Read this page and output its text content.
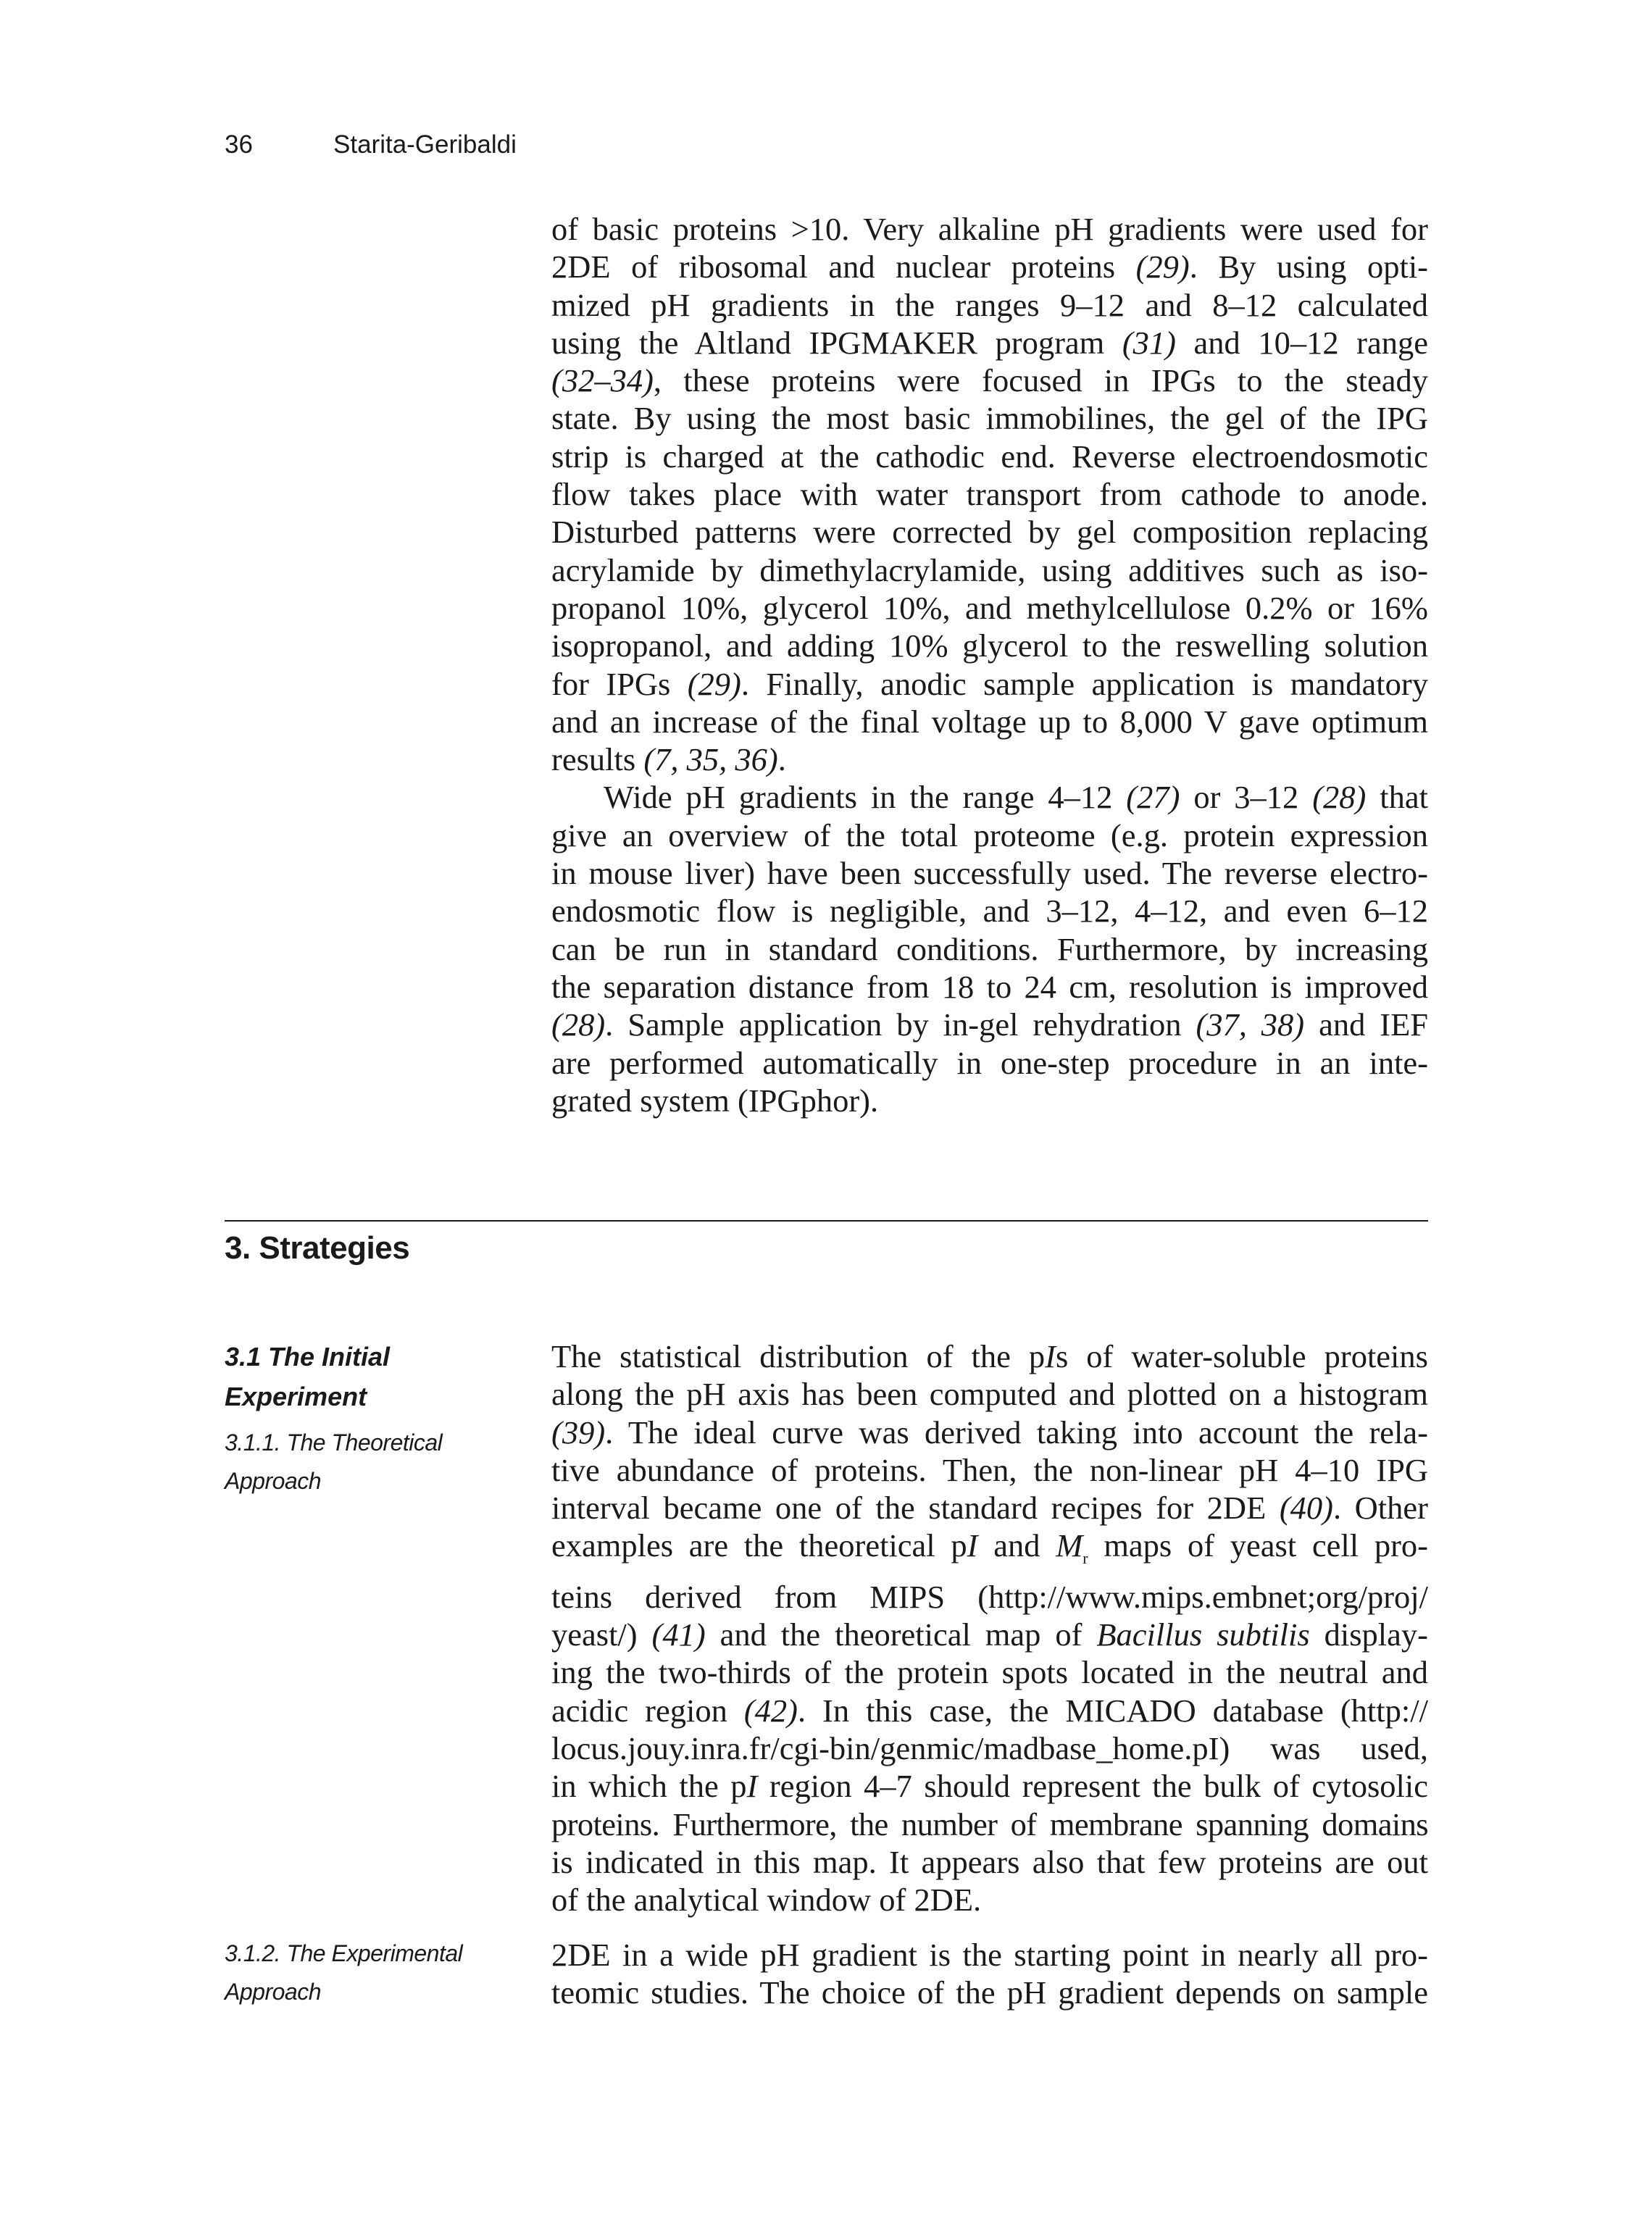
36	Starita-Geribaldi

of basic proteins >10. Very alkaline pH gradients were used for

2DE of ribosomal and nuclear proteins (29). By using opti-

mized pH gradients in the ranges 9–12 and 8–12 calculated

using the Altland IPGMAKER program (31) and 10–12 range

(32–34), these proteins were focused in IPGs to the steady

state. By using the most basic immobilines, the gel of the IPG

strip is charged at the cathodic end. Reverse electroendosmotic

flow takes place with water transport from cathode to anode.

Disturbed patterns were corrected by gel composition replacing

acrylamide by dimethylacrylamide, using additives such as iso-

propanol 10%, glycerol 10%, and methylcellulose 0.2% or 16%

isopropanol, and adding 10% glycerol to the reswelling solution

for IPGs (29). Finally, anodic sample application is mandatory

and an increase of the final voltage up to 8,000 V gave optimum

results (7, 35, 36).

Wide pH gradients in the range 4–12 (27) or 3–12 (28) that

give an overview of the total proteome (e.g. protein expression

in mouse liver) have been successfully used. The reverse electro-

endosmotic flow is negligible, and 3–12, 4–12, and even 6–12

can be run in standard conditions. Furthermore, by increasing

the separation distance from 18 to 24 cm, resolution is improved

(28). Sample application by in-gel rehydration (37, 38) and IEF

are performed automatically in one-step procedure in an inte-

grated system (IPGphor).

3. Strategies
3.1 The Initial
Experiment
3.1.1. The Theoretical
Approach

The statistical distribution of the pIs of water-soluble proteins

along the pH axis has been computed and plotted on a histogram

(39). The ideal curve was derived taking into account the rela-

tive abundance of proteins. Then, the non-linear pH 4–10 IPG

interval became one of the standard recipes for 2DE (40). Other

examples are the theoretical pI and $M_r$ maps of yeast cell pro-

teins derived from MIPS (http://www.mips.embnet;org/proj/

yeast/) (41) and the theoretical map of Bacillus subtilis display-

ing the two-thirds of the protein spots located in the neutral and

acidic region (42). In this case, the MICADO database (http://

locus.jouy.inra.fr/cgi-bin/genmic/madbase_home.pI) was used,

in which the pI region 4–7 should represent the bulk of cytosolic

proteins. Furthermore, the number of membrane spanning domains

is indicated in this map. It appears also that few proteins are out

of the analytical window of 2DE.

3.1.2. The Experimental
Approach

2DE in a wide pH gradient is the starting point in nearly all pro-

teomic studies. The choice of the pH gradient depends on sample
